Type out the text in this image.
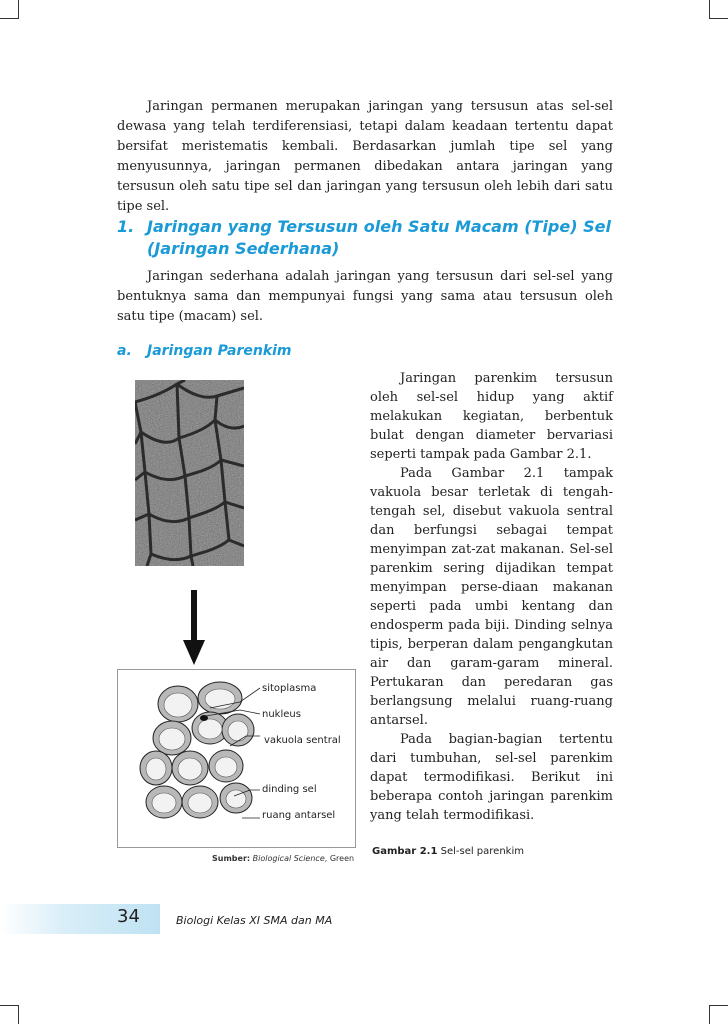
Jaringan permanen merupakan jaringan yang tersusun atas sel-sel dewasa yang telah terdiferensiasi, tetapi dalam keadaan tertentu dapat bersifat meristematis kembali. Berdasarkan jumlah tipe sel yang menyusunnya, jaringan permanen dibedakan antara jaringan yang tersusun oleh satu tipe sel dan jaringan yang tersusun oleh lebih dari satu tipe sel.

1. Jaringan yang Tersusun oleh Satu Macam (Tipe) Sel (Jaringan Sederhana)

Jaringan sederhana adalah jaringan yang tersusun dari sel-sel yang bentuknya sama dan mempunyai fungsi yang sama atau tersusun oleh satu tipe (macam) sel.

a. Jaringan Parenkim
sitoplasma
nukleus
vakuola sentral
dinding sel
ruang antarsel
Sumber: Biological Science, Green

Jaringan parenkim tersusun oleh sel-sel hidup yang aktif melakukan kegiatan, berbentuk bulat dengan diameter bervariasi seperti tampak pada Gambar 2.1.

Pada Gambar 2.1 tampak vakuola besar terletak di tengah-tengah sel, disebut vakuola sentral dan berfungsi sebagai tempat menyimpan zat-zat makanan. Sel-sel parenkim sering dijadikan tempat menyimpan perse-diaan makanan seperti pada umbi kentang dan endosperm pada biji. Dinding selnya tipis, berperan dalam pengangkutan air dan garam-garam mineral. Pertukaran dan peredaran gas berlangsung melalui ruang-ruang antarsel.

Pada bagian-bagian tertentu dari tumbuhan, sel-sel parenkim dapat termodifikasi. Berikut ini beberapa contoh jaringan parenkim yang telah termodifikasi.

Gambar 2.1 Sel-sel parenkim
34	Biologi Kelas XI SMA dan MA
